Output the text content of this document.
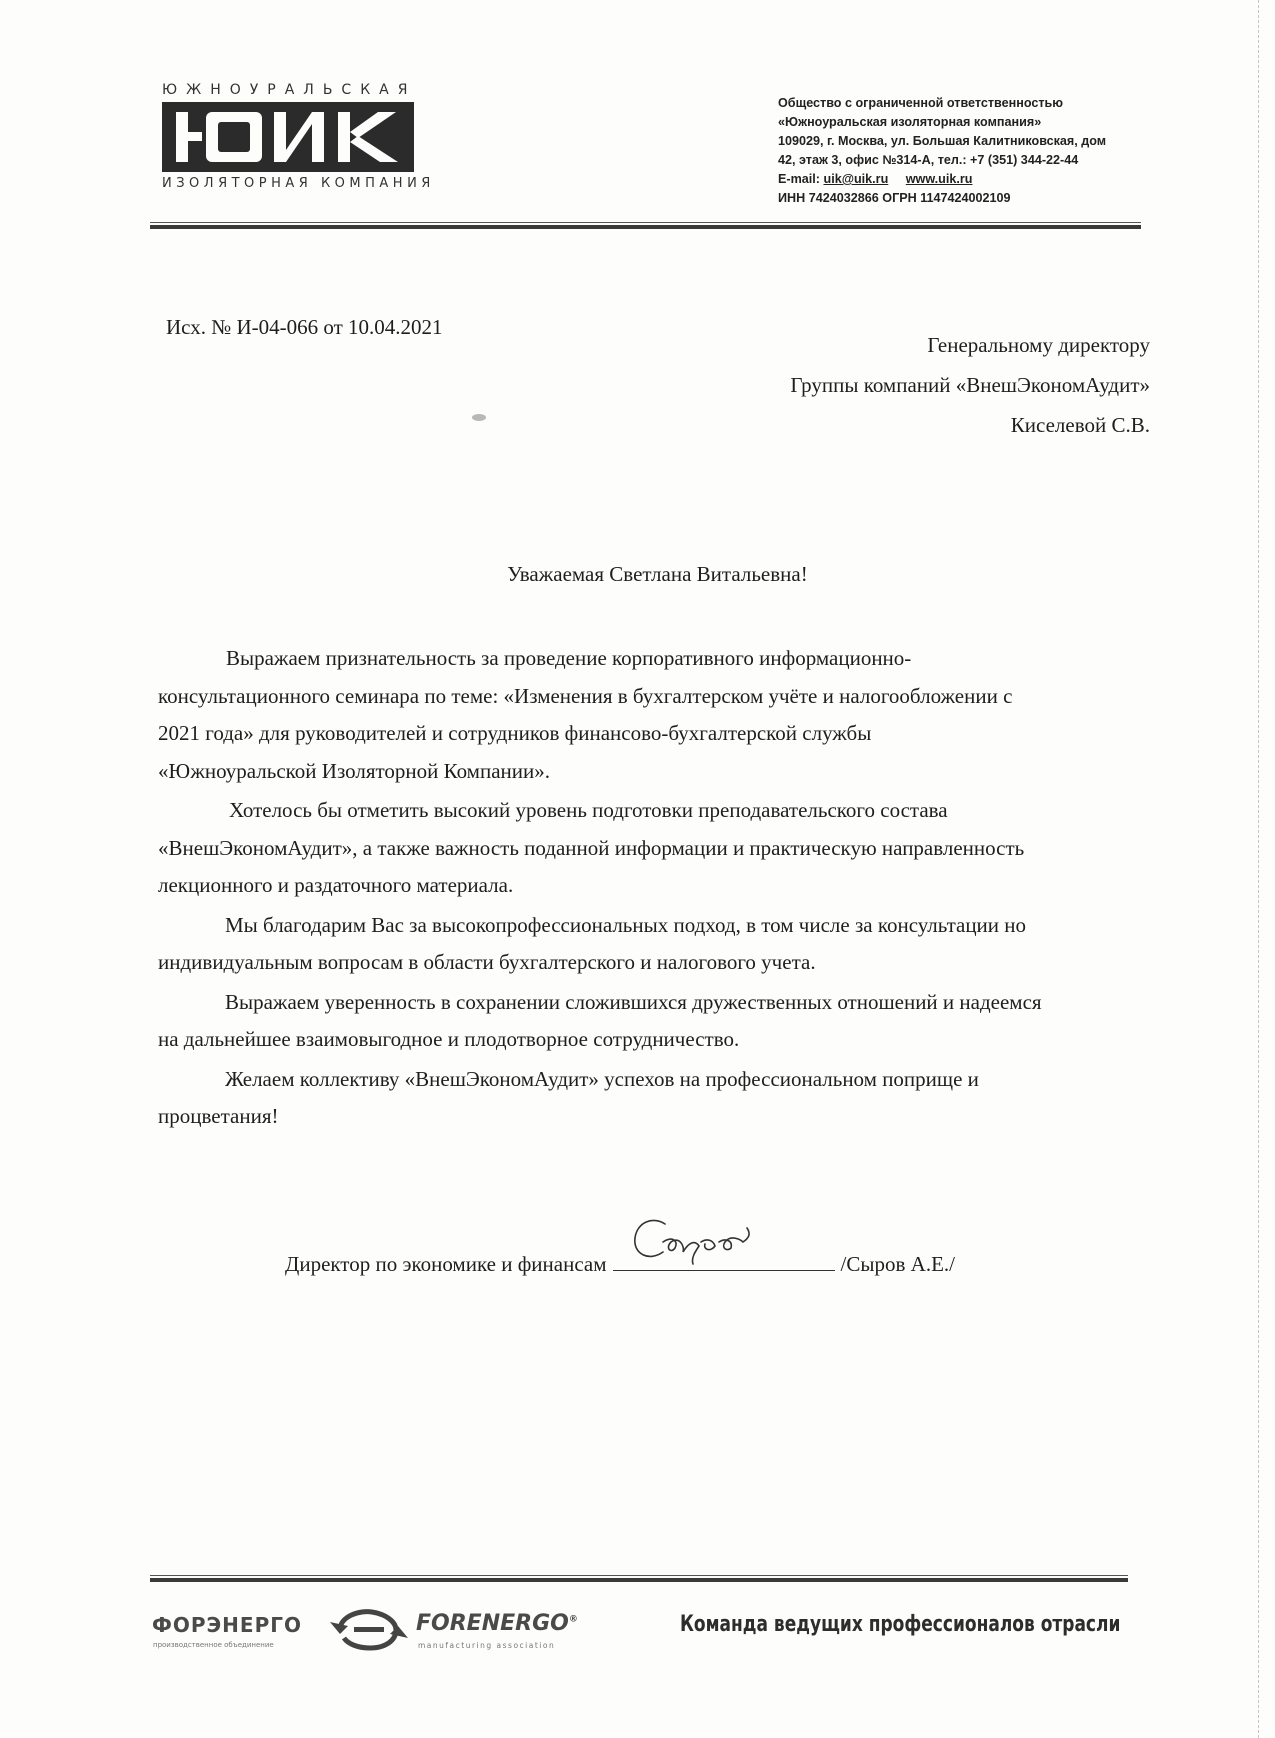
ЮЖНОУРАЛЬСКАЯ
ИЗОЛЯТОРНАЯ КОМПАНИЯ
Общество с ограниченной ответственностью
«Южноуральская изоляторная компания»
109029, г. Москва, ул. Большая Калитниковская, дом
42, этаж 3, офис №314-А, тел.: +7 (351) 344-22-44
E-mail: uik@uik.ru www.uik.ru
ИНН 7424032866 ОГРН 1147424002109
Исх. № И-04-066 от 10.04.2021
Генеральному директору
Группы компаний «ВнешЭкономАудит»
Киселевой С.В.
Уважаемая Светлана Витальевна!

Выражаем признательность за проведение корпоративного информационно-
консультационного семинара по теме: «Изменения в бухгалтерском учёте и налогообложении с
2021 года» для руководителей и сотрудников финансово-бухгалтерской службы
«Южноуральской Изоляторной Компании».

Хотелось бы отметить высокий уровень подготовки преподавательского состава
«ВнешЭкономАудит», а также важность поданной информации и практическую направленность
лекционного и раздаточного материала.

Мы благодарим Вас за высокопрофессиональных подход, в том числе за консультации но
индивидуальным вопросам в области бухгалтерского и налогового учета.

Выражаем уверенность в сохранении сложившихся дружественных отношений и надеемся
на дальнейшее взаимовыгодное и плодотворное сотрудничество.

Желаем коллективу «ВнешЭкономАудит» успехов на профессиональном поприще и
процветания!

Директор по экономике и финансам	/Сыров А.Е./
ФОРЭНЕРГО
производственное объединение
FORENERGO®
manufacturing association
Команда ведущих профессионалов отрасли
